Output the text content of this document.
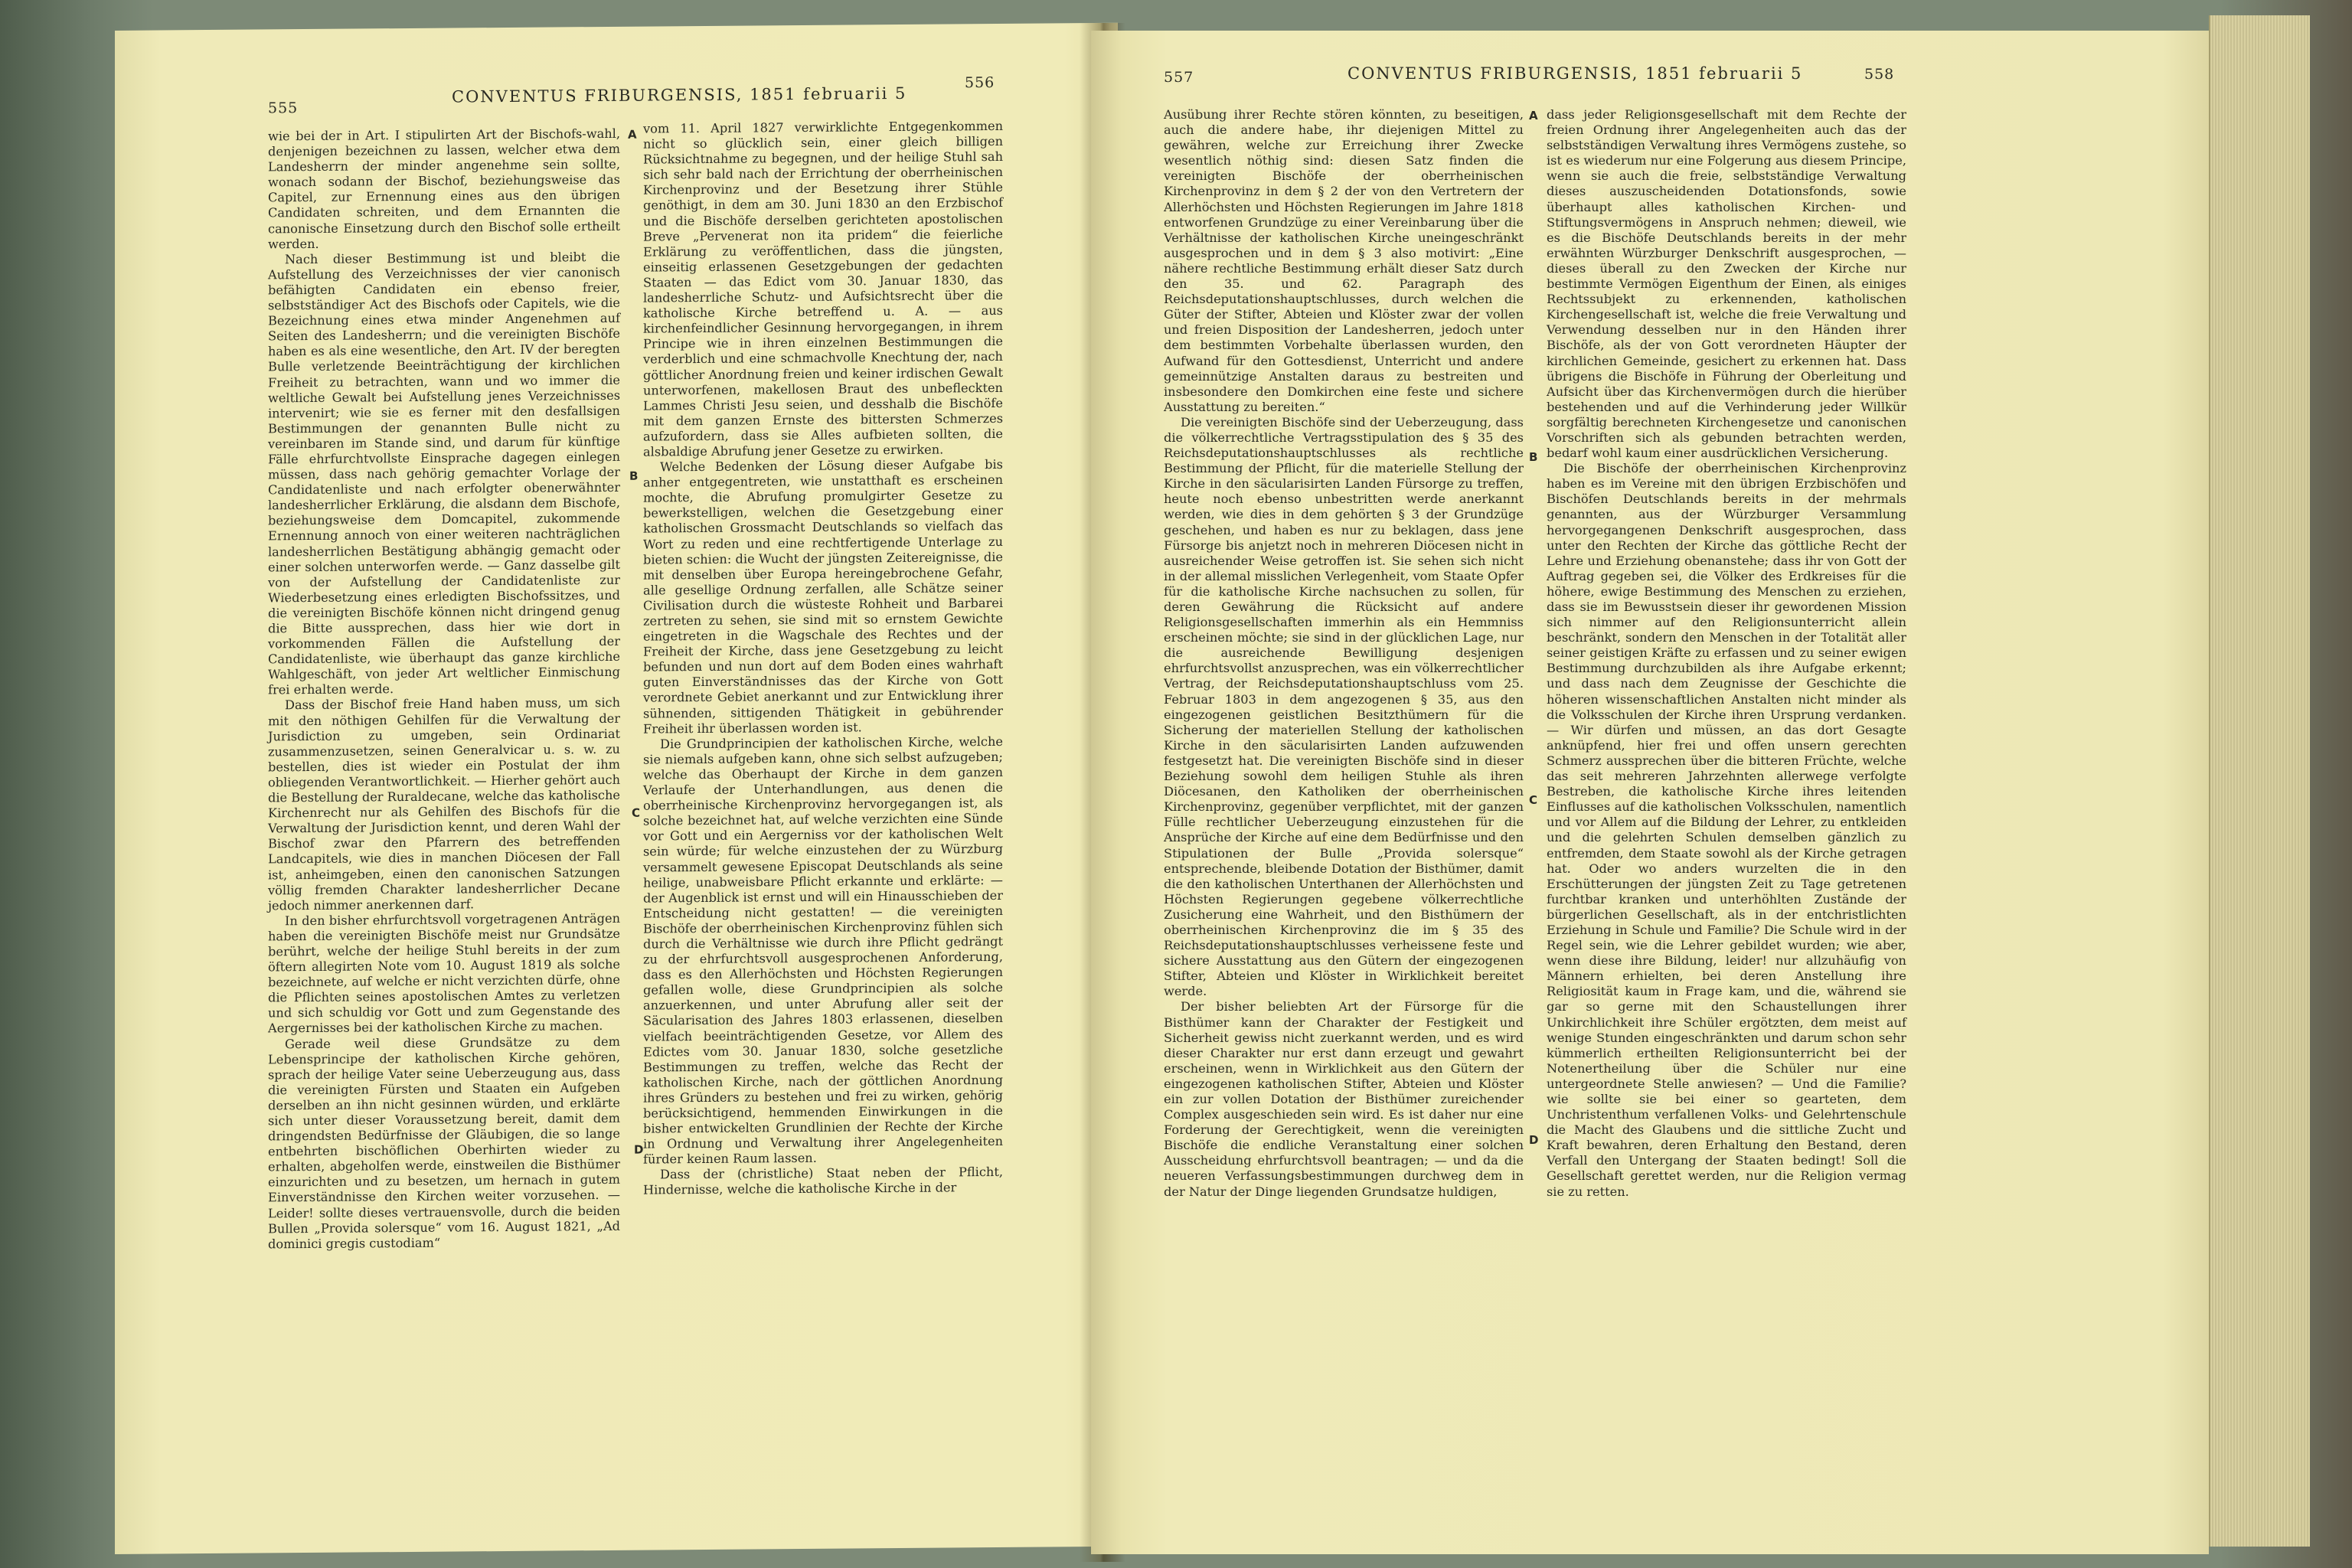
555
CONVENTUS FRIBURGENSIS, 1851 februarii 5
556

wie bei der in Art. I stipulirten Art der Bischofs-wahl, denjenigen bezeichnen zu lassen, welcher etwa dem Landesherrn der minder angenehme sein sollte, wonach sodann der Bischof, beziehungsweise das Capitel, zur Ernennung eines aus den übrigen Candidaten schreiten, und dem Ernannten die canonische Einsetzung durch den Bischof solle ertheilt werden.

Nach dieser Bestimmung ist und bleibt die Aufstellung des Verzeichnisses der vier canonisch befähigten Candidaten ein ebenso freier, selbstständiger Act des Bischofs oder Capitels, wie die Bezeichnung eines etwa minder Angenehmen auf Seiten des Landesherrn; und die vereinigten Bischöfe haben es als eine wesentliche, den Art. IV der beregten Bulle verletzende Beeinträchtigung der kirchlichen Freiheit zu betrachten, wann und wo immer die weltliche Gewalt bei Aufstellung jenes Verzeichnisses intervenirt; wie sie es ferner mit den desfallsigen Bestimmungen der genannten Bulle nicht zu vereinbaren im Stande sind, und darum für künftige Fälle ehrfurchtvollste Einsprache dagegen einlegen müssen, dass nach gehörig gemachter Vorlage der Candidatenliste und nach erfolgter obenerwähnter landesherrlicher Erklärung, die alsdann dem Bischofe, beziehungsweise dem Domcapitel, zukommende Ernennung annoch von einer weiteren nachträglichen landesherrlichen Bestätigung abhängig gemacht oder einer solchen unterworfen werde. — Ganz dasselbe gilt von der Aufstellung der Candidatenliste zur Wiederbesetzung eines erledigten Bischofssitzes, und die vereinigten Bischöfe können nicht dringend genug die Bitte aussprechen, dass hier wie dort in vorkommenden Fällen die Aufstellung der Candidatenliste, wie überhaupt das ganze kirchliche Wahlgeschäft, von jeder Art weltlicher Einmischung frei erhalten werde.

Dass der Bischof freie Hand haben muss, um sich mit den nöthigen Gehilfen für die Verwaltung der Jurisdiction zu umgeben, sein Ordinariat zusammenzusetzen, seinen Generalvicar u. s. w. zu bestellen, dies ist wieder ein Postulat der ihm obliegenden Verantwortlichkeit. — Hierher gehört auch die Bestellung der Ruraldecane, welche das katholische Kirchenrecht nur als Gehilfen des Bischofs für die Verwaltung der Jurisdiction kennt, und deren Wahl der Bischof zwar den Pfarrern des betreffenden Landcapitels, wie dies in manchen Diöcesen der Fall ist, anheimgeben, einen den canonischen Satzungen völlig fremden Charakter landesherrlicher Decane jedoch nimmer anerkennen darf.

In den bisher ehrfurchtsvoll vorgetragenen Anträgen haben die vereinigten Bischöfe meist nur Grundsätze berührt, welche der heilige Stuhl bereits in der zum öftern allegirten Note vom 10. August 1819 als solche bezeichnete, auf welche er nicht verzichten dürfe, ohne die Pflichten seines apostolischen Amtes zu verletzen und sich schuldig vor Gott und zum Gegenstande des Aergernisses bei der katholischen Kirche zu machen.

Gerade weil diese Grundsätze zu dem Lebensprincipe der katholischen Kirche gehören, sprach der heilige Vater seine Ueberzeugung aus, dass die vereinigten Fürsten und Staaten ein Aufgeben derselben an ihn nicht gesinnen würden, und erklärte sich unter dieser Voraussetzung bereit, damit dem dringendsten Bedürfnisse der Gläubigen, die so lange entbehrten bischöflichen Oberhirten wieder zu erhalten, abgeholfen werde, einstweilen die Bisthümer einzurichten und zu besetzen, um hernach in gutem Einverständnisse den Kirchen weiter vorzusehen. — Leider! sollte dieses vertrauensvolle, durch die beiden Bullen „Provida solersque“ vom 16. August 1821, „Ad dominici gregis custodiam“

A
B
C
D

vom 11. April 1827 verwirklichte Entgegenkommen nicht so glücklich sein, einer gleich billigen Rücksichtnahme zu begegnen, und der heilige Stuhl sah sich sehr bald nach der Errichtung der oberrheinischen Kirchenprovinz und der Besetzung ihrer Stühle genöthigt, in dem am 30. Juni 1830 an den Erzbischof und die Bischöfe derselben gerichteten apostolischen Breve „Pervenerat non ita pridem“ die feierliche Erklärung zu veröffentlichen, dass die jüngsten, einseitig erlassenen Gesetzgebungen der gedachten Staaten — das Edict vom 30. Januar 1830, das landesherrliche Schutz- und Aufsichtsrecht über die katholische Kirche betreffend u. A. — aus kirchenfeindlicher Gesinnung hervorgegangen, in ihrem Principe wie in ihren einzelnen Bestimmungen die verderblich und eine schmachvolle Knechtung der, nach göttlicher Anordnung freien und keiner irdischen Gewalt unterworfenen, makellosen Braut des unbefleckten Lammes Christi Jesu seien, und desshalb die Bischöfe mit dem ganzen Ernste des bittersten Schmerzes aufzufordern, dass sie Alles aufbieten sollten, die alsbaldige Abrufung jener Gesetze zu erwirken.

Welche Bedenken der Lösung dieser Aufgabe bis anher entgegentreten, wie unstatthaft es erscheinen mochte, die Abrufung promulgirter Gesetze zu bewerkstelligen, welchen die Gesetzgebung einer katholischen Grossmacht Deutschlands so vielfach das Wort zu reden und eine rechtfertigende Unterlage zu bieten schien: die Wucht der jüngsten Zeitereignisse, die mit denselben über Europa hereingebrochene Gefahr, alle gesellige Ordnung zerfallen, alle Schätze seiner Civilisation durch die wüsteste Rohheit und Barbarei zertreten zu sehen, sie sind mit so ernstem Gewichte eingetreten in die Wagschale des Rechtes und der Freiheit der Kirche, dass jene Gesetzgebung zu leicht befunden und nun dort auf dem Boden eines wahrhaft guten Einverständnisses das der Kirche von Gott verordnete Gebiet anerkannt und zur Entwicklung ihrer sühnenden, sittigenden Thätigkeit in gebührender Freiheit ihr überlassen worden ist.

Die Grundprincipien der katholischen Kirche, welche sie niemals aufgeben kann, ohne sich selbst aufzugeben; welche das Oberhaupt der Kirche in dem ganzen Verlaufe der Unterhandlungen, aus denen die oberrheinische Kirchenprovinz hervorgegangen ist, als solche bezeichnet hat, auf welche verzichten eine Sünde vor Gott und ein Aergerniss vor der katholischen Welt sein würde; für welche einzustehen der zu Würzburg versammelt gewesene Episcopat Deutschlands als seine heilige, unabweisbare Pflicht erkannte und erklärte: — der Augenblick ist ernst und will ein Hinausschieben der Entscheidung nicht gestatten! — die vereinigten Bischöfe der oberrheinischen Kirchenprovinz fühlen sich durch die Verhältnisse wie durch ihre Pflicht gedrängt zu der ehrfurchtsvoll ausgesprochenen Anforderung, dass es den Allerhöchsten und Höchsten Regierungen gefallen wolle, diese Grundprincipien als solche anzuerkennen, und unter Abrufung aller seit der Säcularisation des Jahres 1803 erlassenen, dieselben vielfach beeinträchtigenden Gesetze, vor Allem des Edictes vom 30. Januar 1830, solche gesetzliche Bestimmungen zu treffen, welche das Recht der katholischen Kirche, nach der göttlichen Anordnung ihres Gründers zu bestehen und frei zu wirken, gehörig berücksichtigend, hemmenden Einwirkungen in die bisher entwickelten Grundlinien der Rechte der Kirche in Ordnung und Verwaltung ihrer Angelegenheiten fürder keinen Raum lassen.

Dass der (christliche) Staat neben der Pflicht, Hindernisse, welche die katholische Kirche in der

557	CONVENTUS FRIBURGENSIS, 1851 februarii 5	558

Ausübung ihrer Rechte stören könnten, zu beseitigen, auch die andere habe, ihr diejenigen Mittel zu gewähren, welche zur Erreichung ihrer Zwecke wesentlich nöthig sind: diesen Satz finden die vereinigten Bischöfe der oberrheinischen Kirchenprovinz in dem § 2 der von den Vertretern der Allerhöchsten und Höchsten Regierungen im Jahre 1818 entworfenen Grundzüge zu einer Vereinbarung über die Verhältnisse der katholischen Kirche uneingeschränkt ausgesprochen und in dem § 3 also motivirt: „Eine nähere rechtliche Bestimmung erhält dieser Satz durch den 35. und 62. Paragraph des Reichsdeputationshauptschlusses, durch welchen die Güter der Stifter, Abteien und Klöster zwar der vollen und freien Disposition der Landesherren, jedoch unter dem bestimmten Vorbehalte überlassen wurden, den Aufwand für den Gottesdienst, Unterricht und andere gemeinnützige Anstalten daraus zu bestreiten und insbesondere den Domkirchen eine feste und sichere Ausstattung zu bereiten.“

Die vereinigten Bischöfe sind der Ueberzeugung, dass die völkerrechtliche Vertragsstipulation des § 35 des Reichsdeputationshauptschlusses als rechtliche Bestimmung der Pflicht, für die materielle Stellung der Kirche in den säcularisirten Landen Fürsorge zu treffen, heute noch ebenso unbestritten werde anerkannt werden, wie dies in dem gehörten § 3 der Grundzüge geschehen, und haben es nur zu beklagen, dass jene Fürsorge bis anjetzt noch in mehreren Diöcesen nicht in ausreichender Weise getroffen ist. Sie sehen sich nicht in der allemal misslichen Verlegenheit, vom Staate Opfer für die katholische Kirche nachsuchen zu sollen, für deren Gewährung die Rücksicht auf andere Religionsgesellschaften immerhin als ein Hemmniss erscheinen möchte; sie sind in der glücklichen Lage, nur die ausreichende Bewilligung desjenigen ehrfurchtsvollst anzusprechen, was ein völkerrechtlicher Vertrag, der Reichsdeputationshauptschluss vom 25. Februar 1803 in dem angezogenen § 35, aus den eingezogenen geistlichen Besitzthümern für die Sicherung der materiellen Stellung der katholischen Kirche in den säcularisirten Landen aufzuwenden festgesetzt hat. Die vereinigten Bischöfe sind in dieser Beziehung sowohl dem heiligen Stuhle als ihren Diöcesanen, den Katholiken der oberrheinischen Kirchenprovinz, gegenüber verpflichtet, mit der ganzen Fülle rechtlicher Ueberzeugung einzustehen für die Ansprüche der Kirche auf eine dem Bedürfnisse und den Stipulationen der Bulle „Provida solersque“ entsprechende, bleibende Dotation der Bisthümer, damit die den katholischen Unterthanen der Allerhöchsten und Höchsten Regierungen gegebene völkerrechtliche Zusicherung eine Wahrheit, und den Bisthümern der oberrheinischen Kirchenprovinz die im § 35 des Reichsdeputationshauptschlusses verheissene feste und sichere Ausstattung aus den Gütern der eingezogenen Stifter, Abteien und Klöster in Wirklichkeit bereitet werde.

Der bisher beliebten Art der Fürsorge für die Bisthümer kann der Charakter der Festigkeit und Sicherheit gewiss nicht zuerkannt werden, und es wird dieser Charakter nur erst dann erzeugt und gewahrt erscheinen, wenn in Wirklichkeit aus den Gütern der eingezogenen katholischen Stifter, Abteien und Klöster ein zur vollen Dotation der Bisthümer zureichender Complex ausgeschieden sein wird. Es ist daher nur eine Forderung der Gerechtigkeit, wenn die vereinigten Bischöfe die endliche Veranstaltung einer solchen Ausscheidung ehrfurchtsvoll beantragen; — und da die neueren Verfassungsbestimmungen durchweg dem in der Natur der Dinge liegenden Grundsatze huldigen,

A
B
C
D

dass jeder Religionsgesellschaft mit dem Rechte der freien Ordnung ihrer Angelegenheiten auch das der selbstständigen Verwaltung ihres Vermögens zustehe, so ist es wiederum nur eine Folgerung aus diesem Principe, wenn sie auch die freie, selbstständige Verwaltung dieses auszuscheidenden Dotationsfonds, sowie überhaupt alles katholischen Kirchen- und Stiftungsvermögens in Anspruch nehmen; dieweil, wie es die Bischöfe Deutschlands bereits in der mehr erwähnten Würzburger Denkschrift ausgesprochen, — dieses überall zu den Zwecken der Kirche nur bestimmte Vermögen Eigenthum der Einen, als einiges Rechtssubjekt zu erkennenden, katholischen Kirchengesellschaft ist, welche die freie Verwaltung und Verwendung desselben nur in den Händen ihrer Bischöfe, als der von Gott verordneten Häupter der kirchlichen Gemeinde, gesichert zu erkennen hat. Dass übrigens die Bischöfe in Führung der Oberleitung und Aufsicht über das Kirchenvermögen durch die hierüber bestehenden und auf die Verhinderung jeder Willkür sorgfältig berechneten Kirchengesetze und canonischen Vorschriften sich als gebunden betrachten werden, bedarf wohl kaum einer ausdrücklichen Versicherung.

Die Bischöfe der oberrheinischen Kirchenprovinz haben es im Vereine mit den übrigen Erzbischöfen und Bischöfen Deutschlands bereits in der mehrmals genannten, aus der Würzburger Versammlung hervorgegangenen Denkschrift ausgesprochen, dass unter den Rechten der Kirche das göttliche Recht der Lehre und Erziehung obenanstehe; dass ihr von Gott der Auftrag gegeben sei, die Völker des Erdkreises für die höhere, ewige Bestimmung des Menschen zu erziehen, dass sie im Bewusstsein dieser ihr gewordenen Mission sich nimmer auf den Religionsunterricht allein beschränkt, sondern den Menschen in der Totalität aller seiner geistigen Kräfte zu erfassen und zu seiner ewigen Bestimmung durchzubilden als ihre Aufgabe erkennt; und dass nach dem Zeugnisse der Geschichte die höheren wissenschaftlichen Anstalten nicht minder als die Volksschulen der Kirche ihren Ursprung verdanken. — Wir dürfen und müssen, an das dort Gesagte anknüpfend, hier frei und offen unsern gerechten Schmerz aussprechen über die bitteren Früchte, welche das seit mehreren Jahrzehnten allerwege verfolgte Bestreben, die katholische Kirche ihres leitenden Einflusses auf die katholischen Volksschulen, namentlich und vor Allem auf die Bildung der Lehrer, zu entkleiden und die gelehrten Schulen demselben gänzlich zu entfremden, dem Staate sowohl als der Kirche getragen hat. Oder wo anders wurzelten die in den Erschütterungen der jüngsten Zeit zu Tage getretenen furchtbar kranken und unterhöhlten Zustände der bürgerlichen Gesellschaft, als in der entchristlichten Erziehung in Schule und Familie? Die Schule wird in der Regel sein, wie die Lehrer gebildet wurden; wie aber, wenn diese ihre Bildung, leider! nur allzuhäufig von Männern erhielten, bei deren Anstellung ihre Religiosität kaum in Frage kam, und die, während sie gar so gerne mit den Schaustellungen ihrer Unkirchlichkeit ihre Schüler ergötzten, dem meist auf wenige Stunden eingeschränkten und darum schon sehr kümmerlich ertheilten Religionsunterricht bei der Notenertheilung über die Schüler nur eine untergeordnete Stelle anwiesen? — Und die Familie? wie sollte sie bei einer so gearteten, dem Unchristenthum verfallenen Volks- und Gelehrtenschule die Macht des Glaubens und die sittliche Zucht und Kraft bewahren, deren Erhaltung den Bestand, deren Verfall den Untergang der Staaten bedingt! Soll die Gesellschaft gerettet werden, nur die Religion vermag sie zu retten.
